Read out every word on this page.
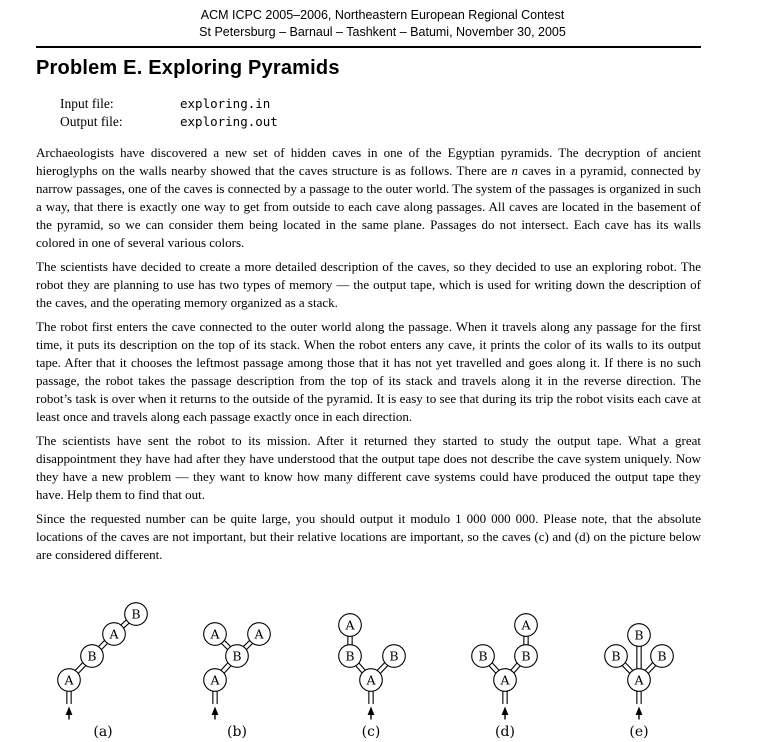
ACM ICPC 2005–2006, Northeastern European Regional Contest
St Petersburg – Barnaul – Tashkent – Batumi, November 30, 2005
Problem E. Exploring Pyramids
Input file:	exploring.in
Output file:	exploring.out

Archaeologists have discovered a new set of hidden caves in one of the Egyptian pyramids. The decryption of ancient hieroglyphs on the walls nearby showed that the caves structure is as follows. There are n caves in a pyramid, connected by narrow passages, one of the caves is connected by a passage to the outer world. The system of the passages is organized in such a way, that there is exactly one way to get from outside to each cave along passages. All caves are located in the basement of the pyramid, so we can consider them being located in the same plane. Passages do not intersect. Each cave has its walls colored in one of several various colors.

The scientists have decided to create a more detailed description of the caves, so they decided to use an exploring robot. The robot they are planning to use has two types of memory — the output tape, which is used for writing down the description of the caves, and the operating memory organized as a stack.

The robot first enters the cave connected to the outer world along the passage. When it travels along any passage for the first time, it puts its description on the top of its stack. When the robot enters any cave, it prints the color of its walls to its output tape. After that it chooses the leftmost passage among those that it has not yet travelled and goes along it. If there is no such passage, the robot takes the passage description from the top of its stack and travels along it in the reverse direction. The robot’s task is over when it returns to the outside of the pyramid. It is easy to see that during its trip the robot visits each cave at least once and travels along each passage exactly once in each direction.

The scientists have sent the robot to its mission. After it returned they started to study the output tape. What a great disappointment they have had after they have understood that the output tape does not describe the cave system uniquely. Now they have a new problem — they want to know how many different cave systems could have produced the output tape they have. Help them to find that out.

Since the requested number can be quite large, you should output it modulo 1 000 000 000. Please note, that the absolute locations of the caves are not important, but their relative locations are important, so the caves (c) and (d) on the picture below are considered different.

A
B
A
B
(a)
A
B
A	A
(b)
A
B	B
A
(c)
A
B	B
A
(d)
A
B
B
B
(e)
